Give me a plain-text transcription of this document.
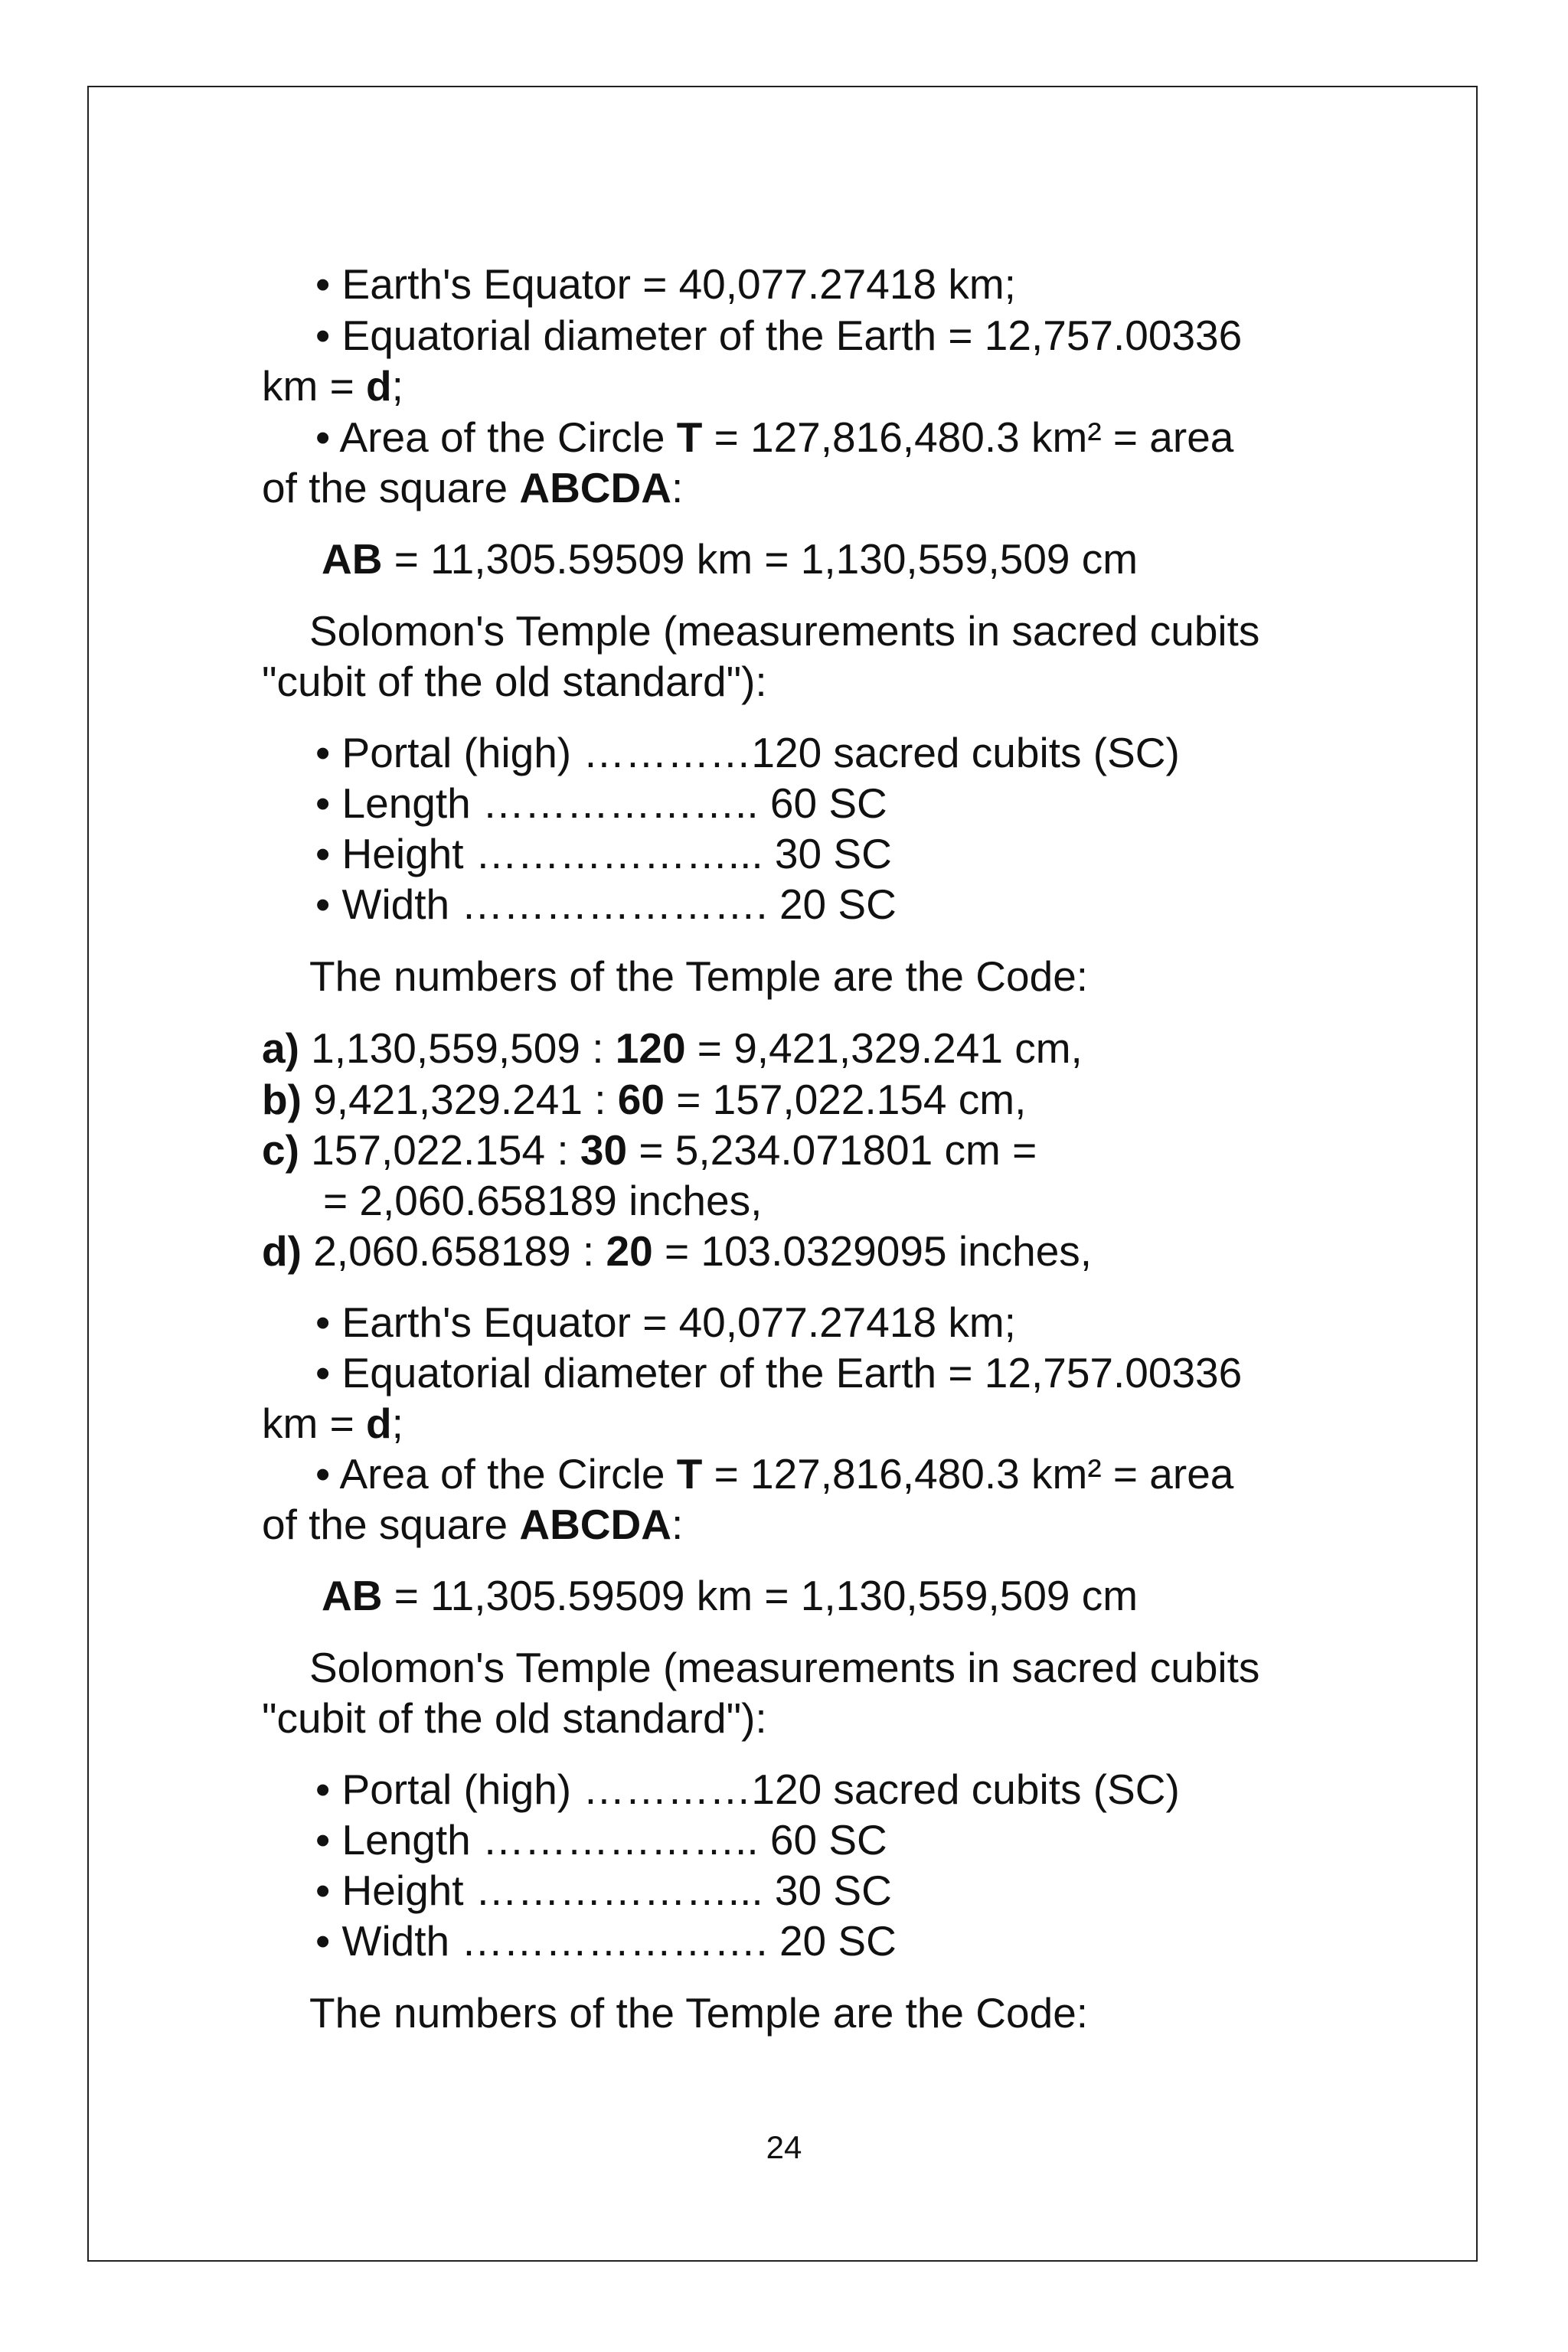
• Earth's Equator = 40,077.27418 km;
• Equatorial diameter of the Earth = 12,757.00336
km = d;
• Area of the Circle T = 127,816,480.3 km² = area
of the square ABCDA:
AB = 11,305.59509 km = 1,130,559,509 cm
Solomon's Temple (measurements in sacred cubits
"cubit of the old standard"):
• Portal (high) …………120 sacred cubits (SC)
• Length ……………….. 60 SC
• Height ………………... 30 SC
• Width …………………. 20 SC
The numbers of the Temple are the Code:
a) 1,130,559,509 : 120 = 9,421,329.241 cm,
b) 9,421,329.241 : 60 = 157,022.154 cm,
c) 157,022.154 : 30 = 5,234.071801 cm =
= 2,060.658189 inches,
d) 2,060.658189 : 20 = 103.0329095 inches,
• Earth's Equator = 40,077.27418 km;
• Equatorial diameter of the Earth = 12,757.00336
km = d;
• Area of the Circle T = 127,816,480.3 km² = area
of the square ABCDA:
AB = 11,305.59509 km = 1,130,559,509 cm
Solomon's Temple (measurements in sacred cubits
"cubit of the old standard"):
• Portal (high) …………120 sacred cubits (SC)
• Length ……………….. 60 SC
• Height ………………... 30 SC
• Width …………………. 20 SC
The numbers of the Temple are the Code:
24
